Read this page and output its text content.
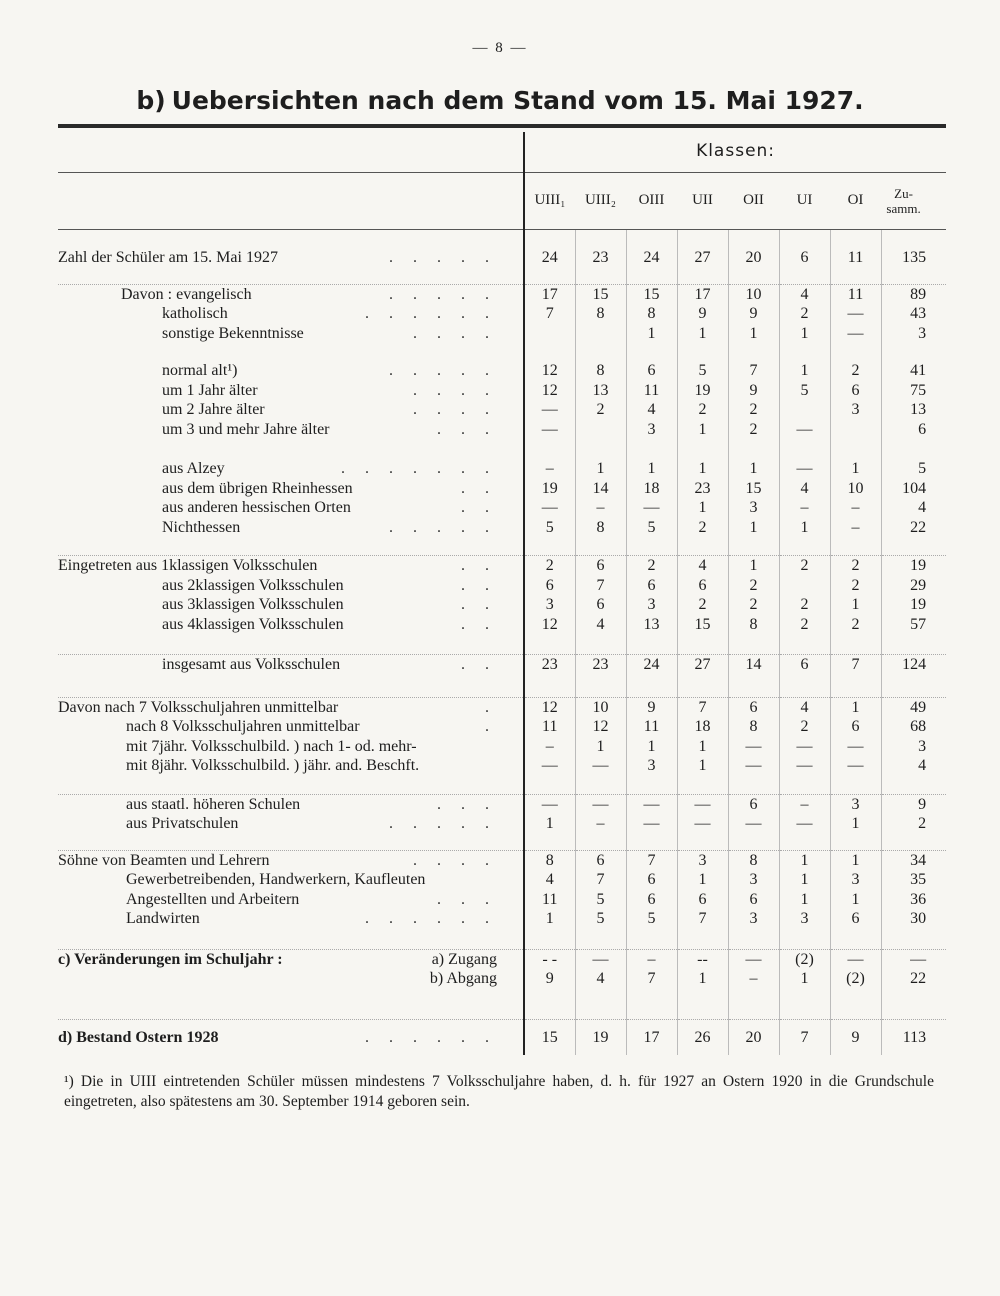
— 8 —
b) Uebersichten nach dem Stand vom 15. Mai 1927.
	Klassen:							
	UIII₁	UIII₂	OIII	UII	OII	UI	OI	Zu-
samm.

Zahl der Schüler am 15. Mai 1927 . . . . .	24	23	24	27	20	6	11	135

Davon : evangelisch . . . . .	17	15	15	17	10	4	11	89
katholisch . . . . . .	7	8	8	9	9	2	—	43
sonstige Bekenntnisse . . . .			1	1	1	1	—	3

normal alt¹) . . . . .	12	8	6	5	7	1	2	41
um 1 Jahr älter . . . .	12	13	11	19	9	5	6	75
um 2 Jahre älter . . . .	—	2	4	2	2		3	13
um 3 und mehr Jahre älter . . .	—		3	1	2	—		6

aus Alzey . . . . . . .	–	1	1	1	1	—	1	5
aus dem übrigen Rheinhessen . .	19	14	18	23	15	4	10	104
aus anderen hessischen Orten . .	—	–	—	1	3	–	–	4
Nichthessen . . . . .	5	8	5	2	1	1	–	22

Eingetreten aus 1klassigen Volksschulen . .	2	6	2	4	1	2	2	19
aus 2klassigen Volksschulen . .	6	7	6	6	2		2	29
aus 3klassigen Volksschulen . .	3	6	3	2	2	2	1	19
aus 4klassigen Volksschulen . .	12	4	13	15	8	2	2	57

insgesamt aus Volksschulen . .	23	23	24	27	14	6	7	124

Davon nach 7 Volksschuljahren unmittelbar .	12	10	9	7	6	4	1	49
nach 8 Volksschuljahren unmittelbar .	11	12	11	18	8	2	6	68
mit 7jähr. Volksschulbild. ) nach 1- od. mehr-	–	1	1	1	—	—	—	3
mit 8jähr. Volksschulbild. ) jähr. and. Beschft.	—	—	3	1	—	—	—	4

aus staatl. höheren Schulen . . .	—	—	—	—	6	–	3	9
aus Privatschulen . . . . .	1	–	—	—	—	—	1	2

Söhne von Beamten und Lehrern . . . .	8	6	7	3	8	1	1	34
Gewerbetreibenden, Handwerkern, Kaufleuten	4	7	6	1	3	1	3	35
Angestellten und Arbeitern . . .	11	5	6	6	6	1	1	36
Landwirten . . . . . .	1	5	5	7	3	3	6	30

c) Veränderungen im Schuljahr : a) Zugang	- -	—	–	--	—	(2)	—	—

b) Abgang	9	4	7	1	–	1	(2)	22

d) Bestand Ostern 1928 . . . . . .	15	19	17	26	20	7	9	113
¹) Die in UIII eintretenden Schüler müssen mindestens 7 Volksschuljahre haben, d. h. für 1927 an Ostern 1920 in die Grundschule eingetreten, also spätestens am 30. September 1914 geboren sein.
